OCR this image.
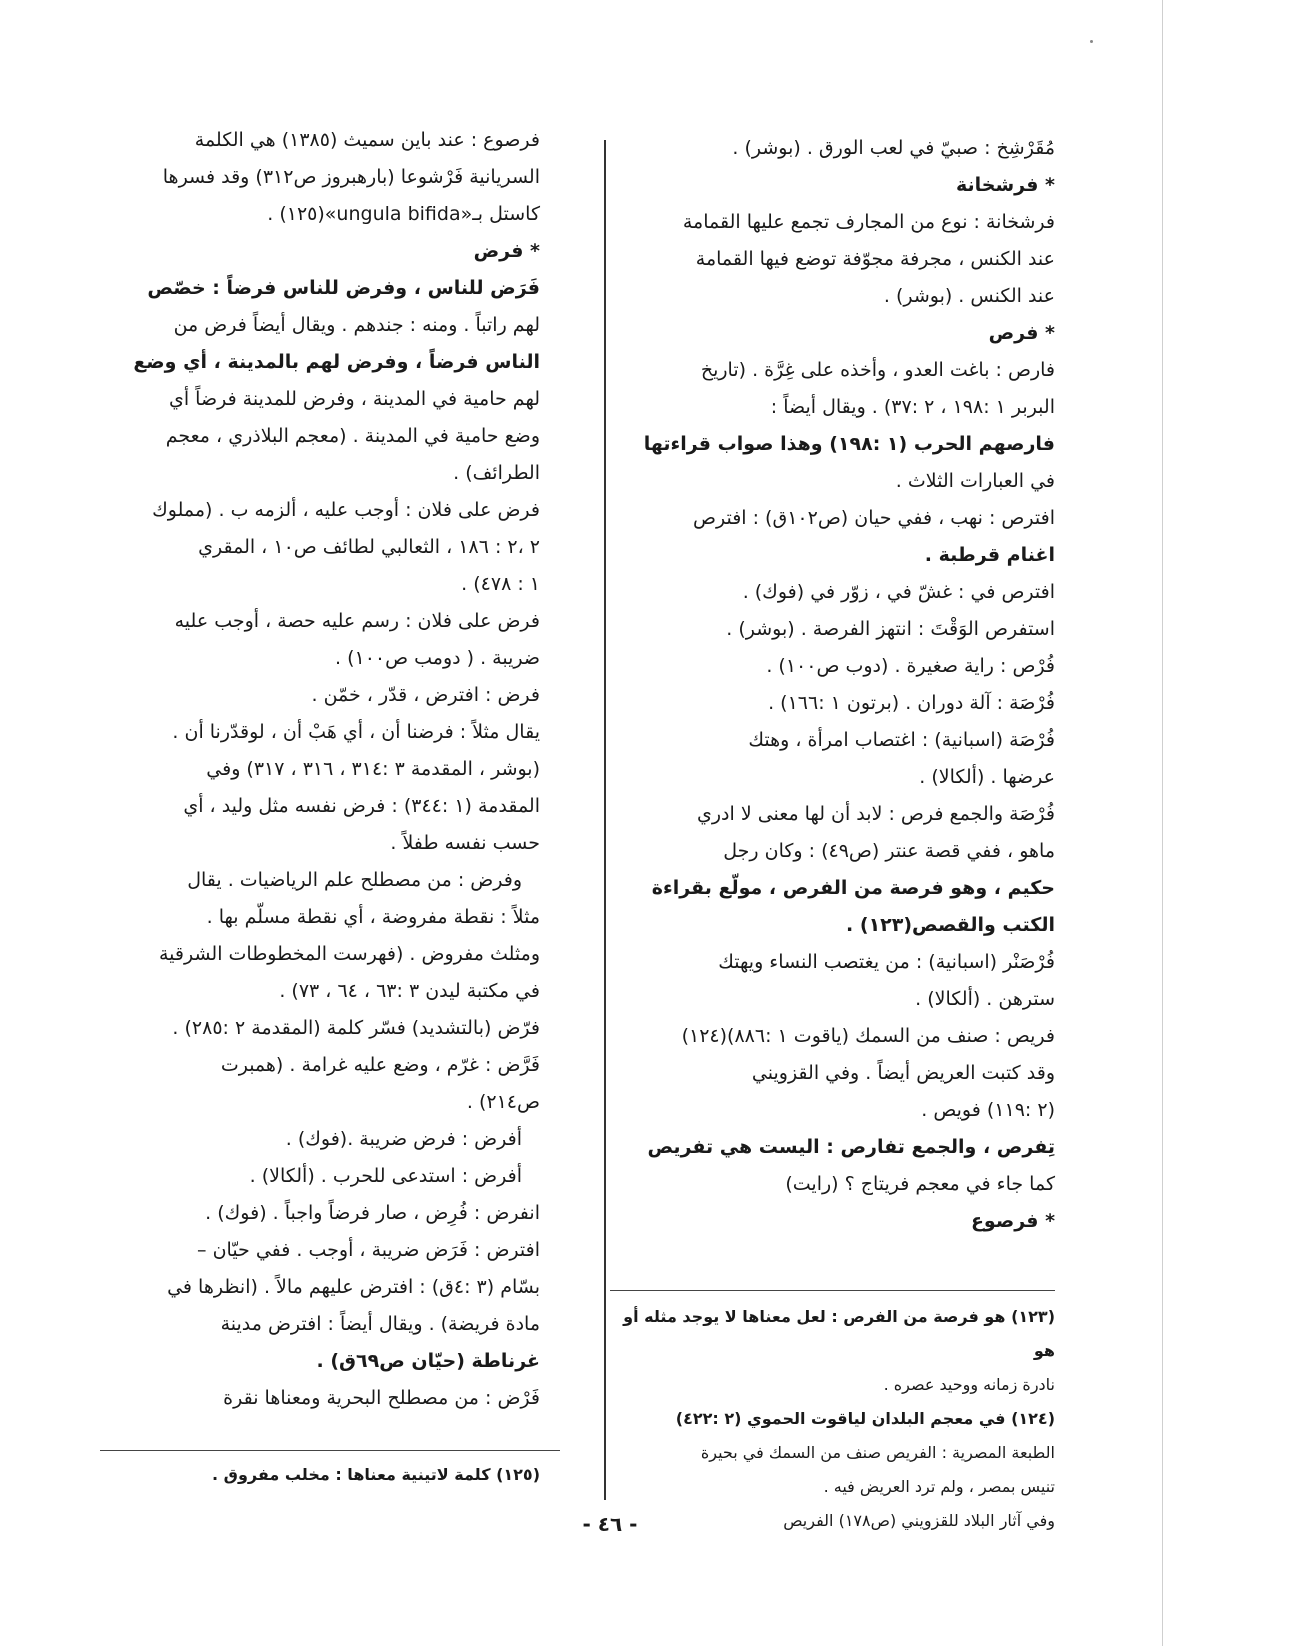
مُقَرْشِخ : صبيّ في لعب الورق . (بوشر) .

* فرشخانة

فرشخانة : نوع من المجارف تجمع عليها القمامة

عند الكنس ، مجرفة مجوّفة توضع فيها القمامة

عند الكنس . (بوشر) .

* فرص

فارص : باغت العدو ، وأخذه على غِرَّة . (تاريخ

البربر ١ :١٩٨ ، ٢ :٣٧) . ويقال أيضاً :

فارصهم الحرب (١ :١٩٨) وهذا صواب قراءتها

في العبارات الثلاث .

افترص : نهب ، ففي حيان (ص١٠٢ق) : افترص

اغنام قرطبة .

افترص في : غشّ في ، زوّر في (فوك) .

استفرص الوَقْتَ : انتهز الفرصة . (بوشر) .

فُرْص : راية صغيرة . (دوب ص١٠٠) .

فُرْصَة : آلة دوران . (برتون ١ :١٦٦) .

فُرْصَة (اسبانية) : اغتصاب امرأة ، وهتك

عرضها . (ألكالا) .

فُرْصَة والجمع فرص : لابد أن لها معنى لا ادري

ماهو ، ففي قصة عنتر (ص٤٩) : وكان رجل

حكيم ، وهو فرصة من الفرص ، مولّع بقراءة

الكتب والقصص(١٢٣) .

فُرْصَنْر (اسبانية) : من يغتصب النساء ويهتك

سترهن . (ألكالا) .

فريص : صنف من السمك (ياقوت ١ :٨٨٦)(١٢٤)

وقد كتبت العريض أيضاً . وفي القزويني

(٢ :١١٩) فويص .

تِفرص ، والجمع تفارص : اليست هي تفريص

كما جاء في معجم فريتاج ؟ (رايت)

* فرصوع

فرصوع : عند باين سميث (١٣٨٥) هي الكلمة

السريانية فَرْشوعا (بارهبروز ص٣١٢) وقد فسرها

كاستل بـ«ungula bifida»(١٢٥) .

* فرض

فَرَض للناس ، وفرض للناس فرضاً : خصّص

لهم راتباً . ومنه : جندهم . ويقال أيضاً فرض من

الناس فرضاً ، وفرض لهم بالمدينة ، أي وضع

لهم حامية في المدينة ، وفرض للمدينة فرضاً أي

وضع حامية في المدينة . (معجم البلاذري ، معجم

الطرائف) .

فرض على فلان : أوجب عليه ، ألزمه ب . (مملوك

٢ ،٢ : ١٨٦ ، الثعالبي لطائف ص١٠ ، المقري

١ : ٤٧٨) .

فرض على فلان : رسم عليه حصة ، أوجب عليه

ضريبة . ( دومب ص١٠٠) .

فرض : افترض ، قدّر ، خمّن .

يقال مثلاً : فرضنا أن ، أي هَبْ أن ، لوقدّرنا أن .

(بوشر ، المقدمة ٣ :٣١٤ ، ٣١٦ ، ٣١٧) وفي

المقدمة (١ :٣٤٤) : فرض نفسه مثل وليد ، أي

حسب نفسه طفلاً .

وفرض : من مصطلح علم الرياضيات . يقال

مثلاً : نقطة مفروضة ، أي نقطة مسلّم بها .

ومثلث مفروض . (فهرست المخطوطات الشرقية

في مكتبة ليدن ٣ :٦٣ ، ٦٤ ، ٧٣) .

فرّض (بالتشديد) فسّر كلمة (المقدمة ٢ :٢٨٥) .

فَرَّض : غرّم ، وضع عليه غرامة . (همبرت

ص٢١٤) .

أفرض : فرض ضريبة .(فوك) .

أفرض : استدعى للحرب . (ألكالا) .

انفرض : فُرِض ، صار فرضاً واجباً . (فوك) .

افترض : فَرَض ضريبة ، أوجب . ففي حيّان –

بسّام (٣ :٤ق) : افترض عليهم مالاً . (انظرها في

مادة فريضة) . ويقال أيضاً : افترض مدينة

غرناطة (حيّان ص٦٩ق) .

فَرْض : من مصطلح البحرية ومعناها نقرة

(١٢٣) هو فرصة من الفرص : لعل معناها لا يوجد مثله أو هو

نادرة زمانه ووحيد عصره .

(١٢٤) في معجم البلدان لياقوت الحموي (٢ :٤٢٢)

الطبعة المصرية : الفريص صنف من السمك في بحيرة

تنيس بمصر ، ولم ترد العريض فيه .

وفي آثار البلاد للقزويني (ص١٧٨) الفريص

(١٢٥) كلمة لاتينية معناها : مخلب مفروق .

- ٤٦ -
